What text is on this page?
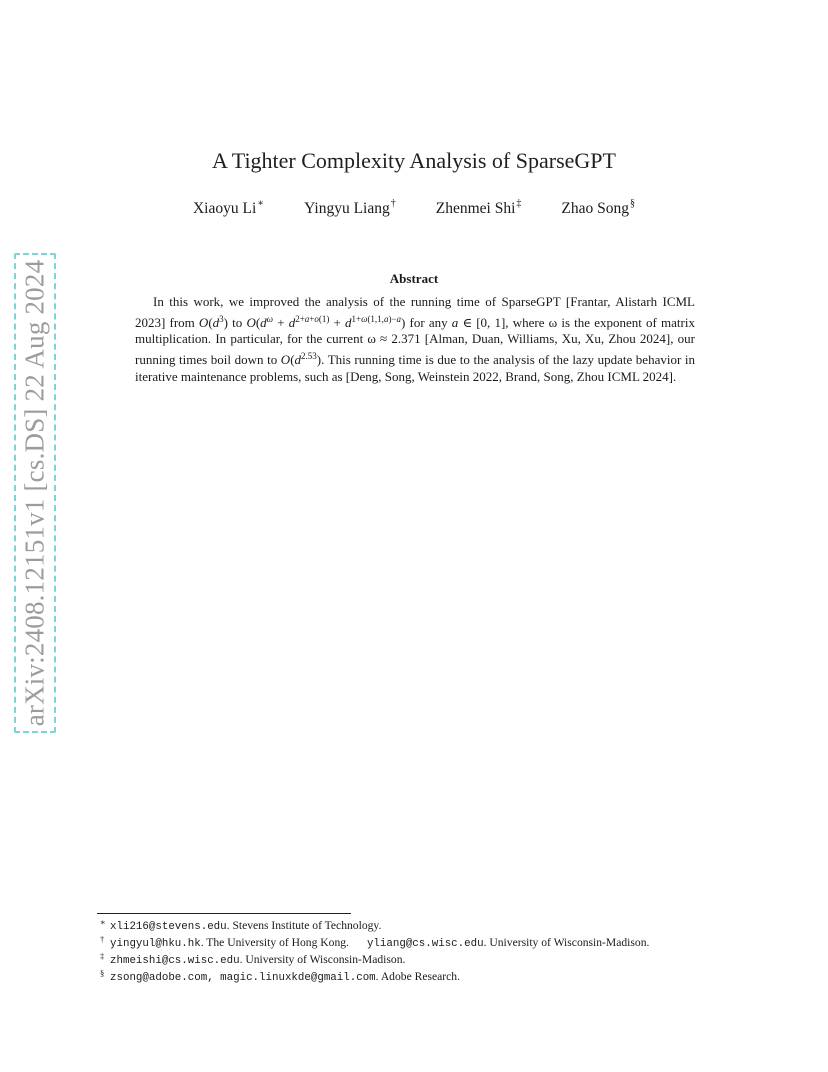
arXiv:2408.12151v1 [cs.DS] 22 Aug 2024
A Tighter Complexity Analysis of SparseGPT
Xiaoyu Li∗	Yingyu Liang†	Zhenmei Shi‡	Zhao Song§
Abstract

In this work, we improved the analysis of the running time of SparseGPT [Frantar, Alistarh ICML 2023] from $O(d^3)$ to $O(d^\omega + d^{2+a+o(1)} + d^{1+\omega(1,1,a)-a})$ for any a ∈ [0, 1], where ω is the exponent of matrix multiplication. In particular, for the current ω ≈ 2.371 [Alman, Duan, Williams, Xu, Xu, Zhou 2024], our running times boil down to $O(d^{2.53})$. This running time is due to the analysis of the lazy update behavior in iterative maintenance problems, such as [Deng, Song, Weinstein 2022, Brand, Song, Zhou ICML 2024].

∗ xli216@stevens.edu. Stevens Institute of Technology.
† yingyul@hku.hk. The University of Hong Kong. yliang@cs.wisc.edu. University of Wisconsin-Madison.
‡ zhmeishi@cs.wisc.edu. University of Wisconsin-Madison.
§ zsong@adobe.com, magic.linuxkde@gmail.com. Adobe Research.
